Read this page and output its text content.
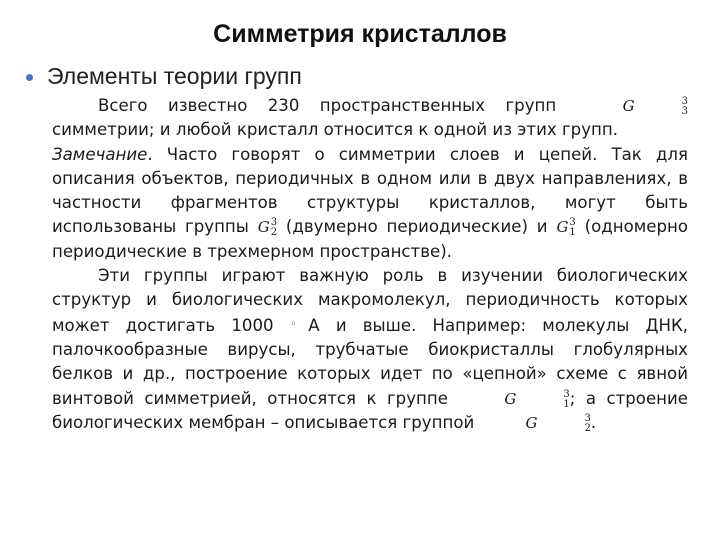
Симметрия кристаллов
Элементы теории групп

Всего известно 230 пространственных групп	G	3
3
симметрии; и любой кристалл относится к одной из этих групп.

Замечание. Часто говорят о симметрии слоев и цепей. Так для описания объектов, периодичных в одном или в двух направлениях, в частности фрагментов структуры кристаллов, могут быть использованы группы G 3
2 (двумерно периодические) и G 3
1 (одномерно периодические в трехмерном пространстве).

Эти группы играют важную роль в изучении биологических структур и биологических макромолекул, периодичность которых может достигать 1000 ◦A и выше. Например: молекулы ДНК, палочкообразные вирусы, трубчатые биокристаллы глобулярных белков и др., построение которых идет по «цепной» схеме с явной винтовой симметрией, относятся к группе	G	3
1 ; а строение биологических мембран – описывается группой	G	3
2 .
